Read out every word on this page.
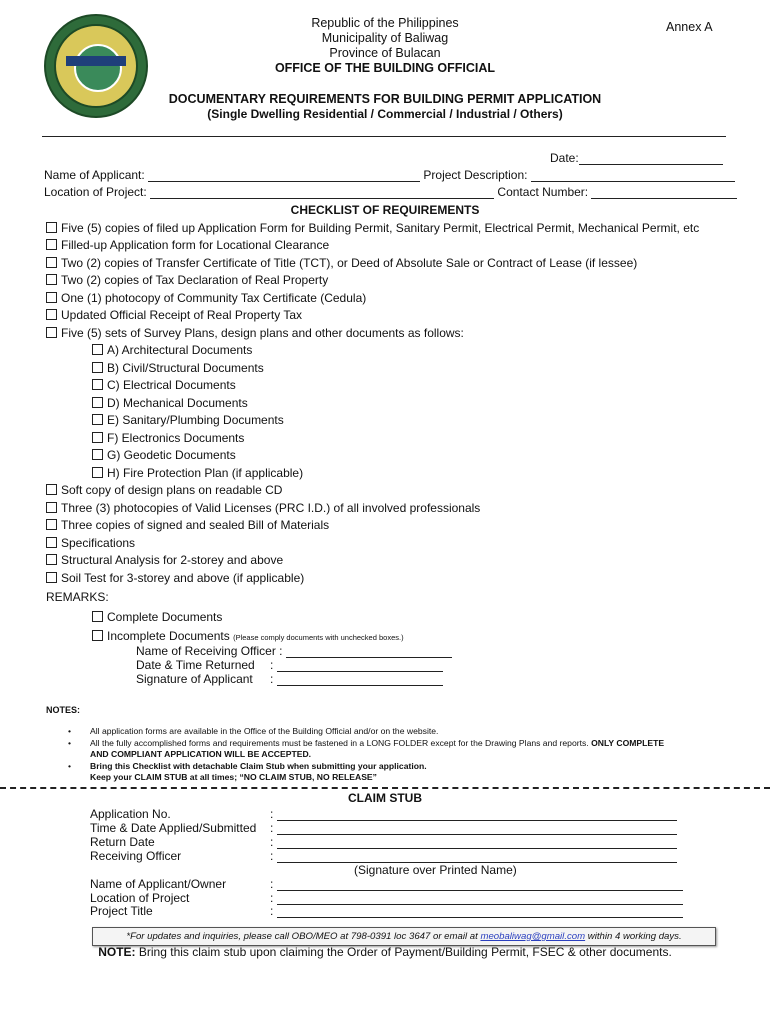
Republic of the Philippines
Municipality of Baliwag
Province of Bulacan
OFFICE OF THE BUILDING OFFICIAL
Annex A
DOCUMENTARY REQUIREMENTS FOR BUILDING PERMIT APPLICATION
(Single Dwelling Residential / Commercial / Industrial / Others)
Date:
Name of Applicant:	Project Description:
Location of Project:	Contact Number:
CHECKLIST OF REQUIREMENTS
Five (5) copies of filed up Application Form for Building Permit, Sanitary Permit, Electrical Permit, Mechanical Permit, etc
Filled-up Application form for Locational Clearance
Two (2) copies of Transfer Certificate of Title (TCT), or Deed of Absolute Sale or Contract of Lease (if lessee)
Two (2) copies of Tax Declaration of Real Property
One (1) photocopy of Community Tax Certificate (Cedula)
Updated Official Receipt of Real Property Tax
Five (5) sets of Survey Plans, design plans and other documents as follows:
A) Architectural Documents
B) Civil/Structural Documents
C) Electrical Documents
D) Mechanical Documents
E) Sanitary/Plumbing Documents
F) Electronics Documents
G) Geodetic Documents
H) Fire Protection Plan (if applicable)
Soft copy of design plans on readable CD
Three (3) photocopies of Valid Licenses (PRC I.D.) of all involved professionals
Three copies of signed and sealed Bill of Materials
Specifications
Structural Analysis for 2-storey and above
Soil Test for 3-storey and above (if applicable)
REMARKS:
Complete Documents
Incomplete Documents (Please comply documents with unchecked boxes.)
Name of Receiving Officer :
Date & Time Returned :
Signature of Applicant :
NOTES:
• All application forms are available in the Office of the Building Official and/or on the website.
• All the fully accomplished forms and requirements must be fastened in a LONG FOLDER except for the Drawing Plans and reports. ONLY COMPLETE
AND COMPLIANT APPLICATION WILL BE ACCEPTED.
• Bring this Checklist with detachable Claim Stub when submitting your application.
Keep your CLAIM STUB at all times; “NO CLAIM STUB, NO RELEASE”
CLAIM STUB
Application No.	:
Time & Date Applied/Submitted :
Return Date	:
Receiving Officer	:
(Signature over Printed Name)
Name of Applicant/Owner	:
Location of Project	:
Project Title	:
*For updates and inquiries, please call OBO/MEO at 798-0391 loc 3647 or email at meobaliwag@gmail.com within 4 working days.
NOTE: Bring this claim stub upon claiming the Order of Payment/Building Permit, FSEC & other documents.
